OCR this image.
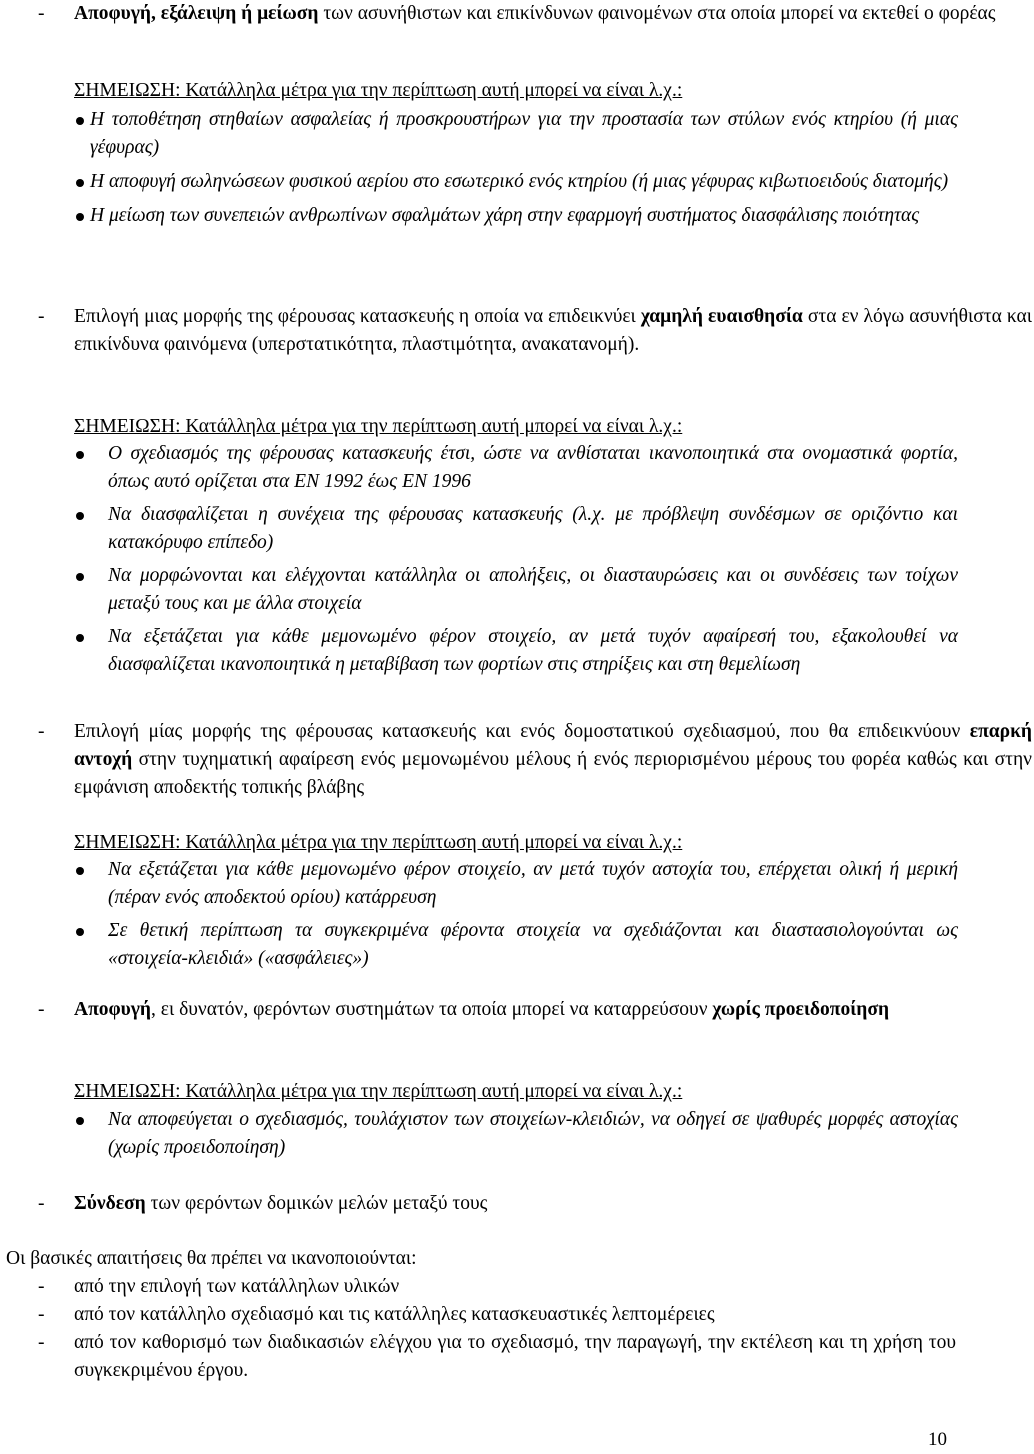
- Αποφυγή, εξάλειψη ή μείωση των ασυνήθιστων και επικίνδυνων φαινομένων στα οποία μπορεί να εκτεθεί ο φορέας
ΣΗΜΕΙΩΣΗ: Κατάλληλα μέτρα για την περίπτωση αυτή μπορεί να είναι λ.χ.:
Η τοποθέτηση στηθαίων ασφαλείας ή προσκρουστήρων για την προστασία των στύλων ενός κτηρίου (ή μιας γέφυρας)
Η αποφυγή σωληνώσεων φυσικού αερίου στο εσωτερικό ενός κτηρίου (ή μιας γέφυρας κιβωτιοειδούς διατομής)
Η μείωση των συνεπειών ανθρωπίνων σφαλμάτων χάρη στην εφαρμογή συστήματος διασφάλισης ποιότητας
- Επιλογή μιας μορφής της φέρουσας κατασκευής η οποία να επιδεικνύει χαμηλή ευαισθησία στα εν λόγω ασυνήθιστα και επικίνδυνα φαινόμενα (υπερστατικότητα, πλαστιμότητα, ανακατανομή).
ΣΗΜΕΙΩΣΗ: Κατάλληλα μέτρα για την περίπτωση αυτή μπορεί να είναι λ.χ.:
Ο σχεδιασμός της φέρουσας κατασκευής έτσι, ώστε να ανθίσταται ικανοποιητικά στα ονομαστικά φορτία, όπως αυτό ορίζεται στα ΕΝ 1992 έως ΕΝ 1996
Να διασφαλίζεται η συνέχεια της φέρουσας κατασκευής (λ.χ. με πρόβλεψη συνδέσμων σε οριζόντιο και κατακόρυφο επίπεδο)
Να μορφώνονται και ελέγχονται κατάλληλα οι απολήξεις, οι διασταυρώσεις και οι συνδέσεις των τοίχων μεταξύ τους και με άλλα στοιχεία
Να εξετάζεται για κάθε μεμονωμένο φέρον στοιχείο, αν μετά τυχόν αφαίρεσή του, εξακολουθεί να διασφαλίζεται ικανοποιητικά η μεταβίβαση των φορτίων στις στηρίξεις και στη θεμελίωση
- Επιλογή μίας μορφής της φέρουσας κατασκευής και ενός δομοστατικού σχεδιασμού, που θα επιδεικνύουν επαρκή αντοχή στην τυχηματική αφαίρεση ενός μεμονωμένου μέλους ή ενός περιορισμένου μέρους του φορέα καθώς και στην εμφάνιση αποδεκτής τοπικής βλάβης
ΣΗΜΕΙΩΣΗ: Κατάλληλα μέτρα για την περίπτωση αυτή μπορεί να είναι λ.χ.:
Να εξετάζεται για κάθε μεμονωμένο φέρον στοιχείο, αν μετά τυχόν αστοχία του, επέρχεται ολική ή μερική (πέραν ενός αποδεκτού ορίου) κατάρρευση
Σε θετική περίπτωση τα συγκεκριμένα φέροντα στοιχεία να σχεδιάζονται και διαστασιολογούνται ως «στοιχεία-κλειδιά» («ασφάλειες»)
- Αποφυγή, ει δυνατόν, φερόντων συστημάτων τα οποία μπορεί να καταρρεύσουν χωρίς προειδοποίηση
ΣΗΜΕΙΩΣΗ: Κατάλληλα μέτρα για την περίπτωση αυτή μπορεί να είναι λ.χ.:
Να αποφεύγεται ο σχεδιασμός, τουλάχιστον των στοιχείων-κλειδιών, να οδηγεί σε ψαθυρές μορφές αστοχίας (χωρίς προειδοποίηση)
- Σύνδεση των φερόντων δομικών μελών μεταξύ τους
Οι βασικές απαιτήσεις θα πρέπει να ικανοποιούνται:
- από την επιλογή των κατάλληλων υλικών
- από τον κατάλληλο σχεδιασμό και τις κατάλληλες κατασκευαστικές λεπτομέρειες
- από τον καθορισμό των διαδικασιών ελέγχου για το σχεδιασμό, την παραγωγή, την εκτέλεση και τη χρήση του συγκεκριμένου έργου.
10
